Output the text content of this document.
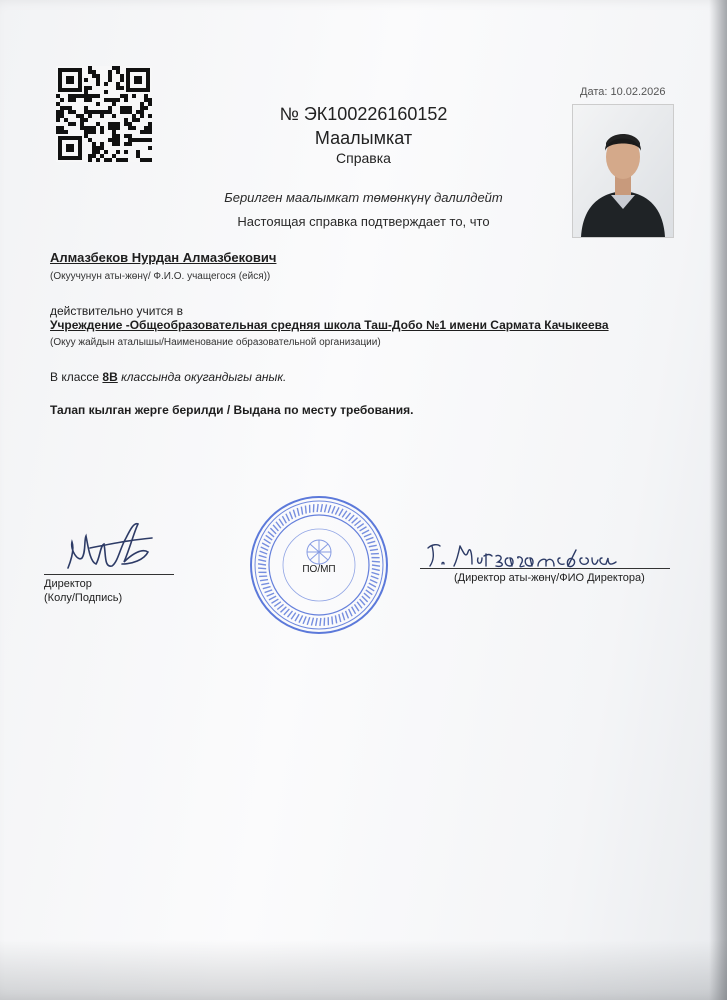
Дата: 10.02.2026
№ ЭК100226160152
Маалымкат
Справка
Берилген маалымкат төмөнкүнү далилдейт
Настоящая справка подтверждает то, что
Алмазбеков Нурдан Алмазбекович
(Окуучунун аты-жөнү/ Ф.И.О. учащегося (ейся))
действительно учится в
Учреждение -Общеобразовательная средняя школа Таш-Добо №1 имени Сармата Качыкеева
(Окуу жайдын аталышы/Наименование образовательной организации)
В классе 8В классында окугандыгы анык.
Талап кылган жерге берилди / Выдана по месту требования.
Директор
(Колу/Подпись)
ПО/МП
(Директор аты-жөнү/ФИО Директора)
